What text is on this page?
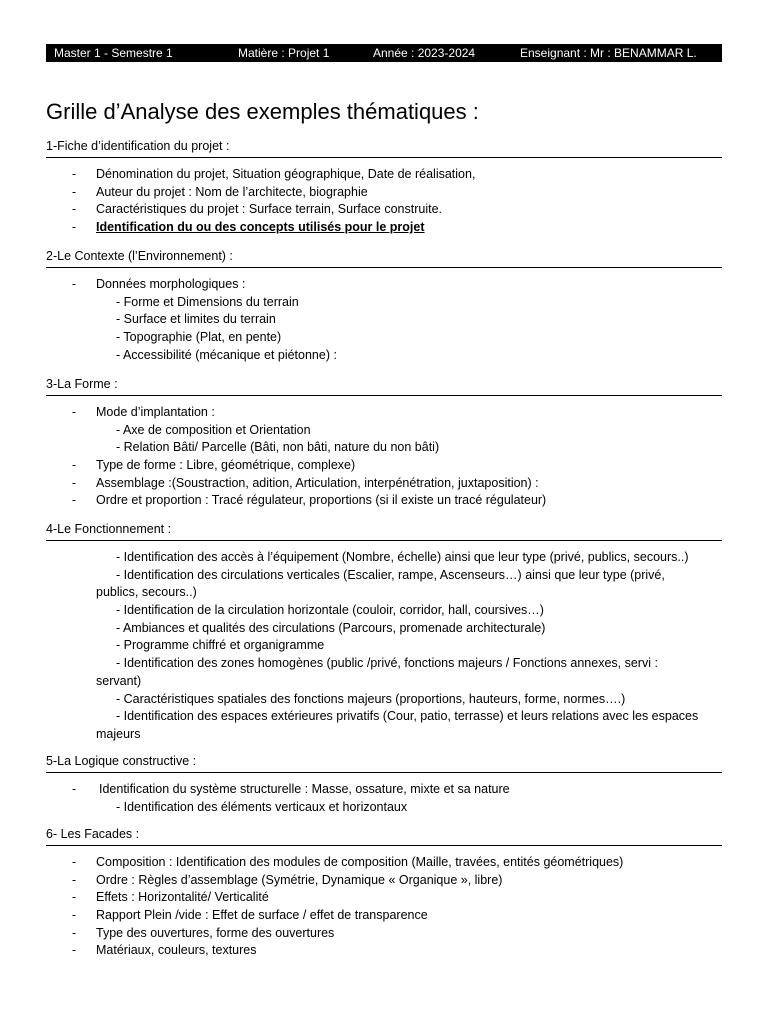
Master 1 - Semestre 1	Matière : Projet 1	Année : 2023-2024	Enseignant : Mr : BENAMMAR L.
Grille d’Analyse des exemples thématiques :
1-Fiche d’identification du projet :
- Dénomination du projet, Situation géographique, Date de réalisation,
- Auteur du projet : Nom de l’architecte, biographie
- Caractéristiques du projet : Surface terrain, Surface construite.
- Identification du ou des concepts utilisés pour le projet
2-Le Contexte (l’Environnement) :
- Données morphologiques :
- Forme et Dimensions du terrain
- Surface et limites du terrain
- Topographie (Plat, en pente)
- Accessibilité (mécanique et piétonne) :
3-La Forme :
- Mode d’implantation :
- Axe de composition et Orientation
- Relation Bâti/ Parcelle (Bâti, non bâti, nature du non bâti)
- Type de forme : Libre, géométrique, complexe)
- Assemblage :(Soustraction, adition, Articulation, interpénétration, juxtaposition) :
- Ordre et proportion : Tracé régulateur, proportions (si il existe un tracé régulateur)
4-Le Fonctionnement :
- Identification des accès à l’équipement (Nombre, échelle) ainsi que leur type (privé, publics, secours..)
- Identification des circulations verticales (Escalier, rampe, Ascenseurs…) ainsi que leur type (privé,
publics, secours..)
- Identification de la circulation horizontale (couloir, corridor, hall, coursives…)
- Ambiances et qualités des circulations (Parcours, promenade architecturale)
- Programme chiffré et organigramme
- Identification des zones homogènes (public /privé, fonctions majeurs / Fonctions annexes, servi :
servant)
- Caractéristiques spatiales des fonctions majeurs (proportions, hauteurs, forme, normes….)
- Identification des espaces extérieures privatifs (Cour, patio, terrasse) et leurs relations avec les espaces
majeurs
5-La Logique constructive :
- Identification du système structurelle : Masse, ossature, mixte et sa nature
- Identification des éléments verticaux et horizontaux
6- Les Facades :
- Composition : Identification des modules de composition (Maille, travées, entités géométriques)
- Ordre : Règles d’assemblage (Symétrie, Dynamique « Organique », libre)
- Effets : Horizontalité/ Verticalité
- Rapport Plein /vide : Effet de surface / effet de transparence
- Type des ouvertures, forme des ouvertures
- Matériaux, couleurs, textures
